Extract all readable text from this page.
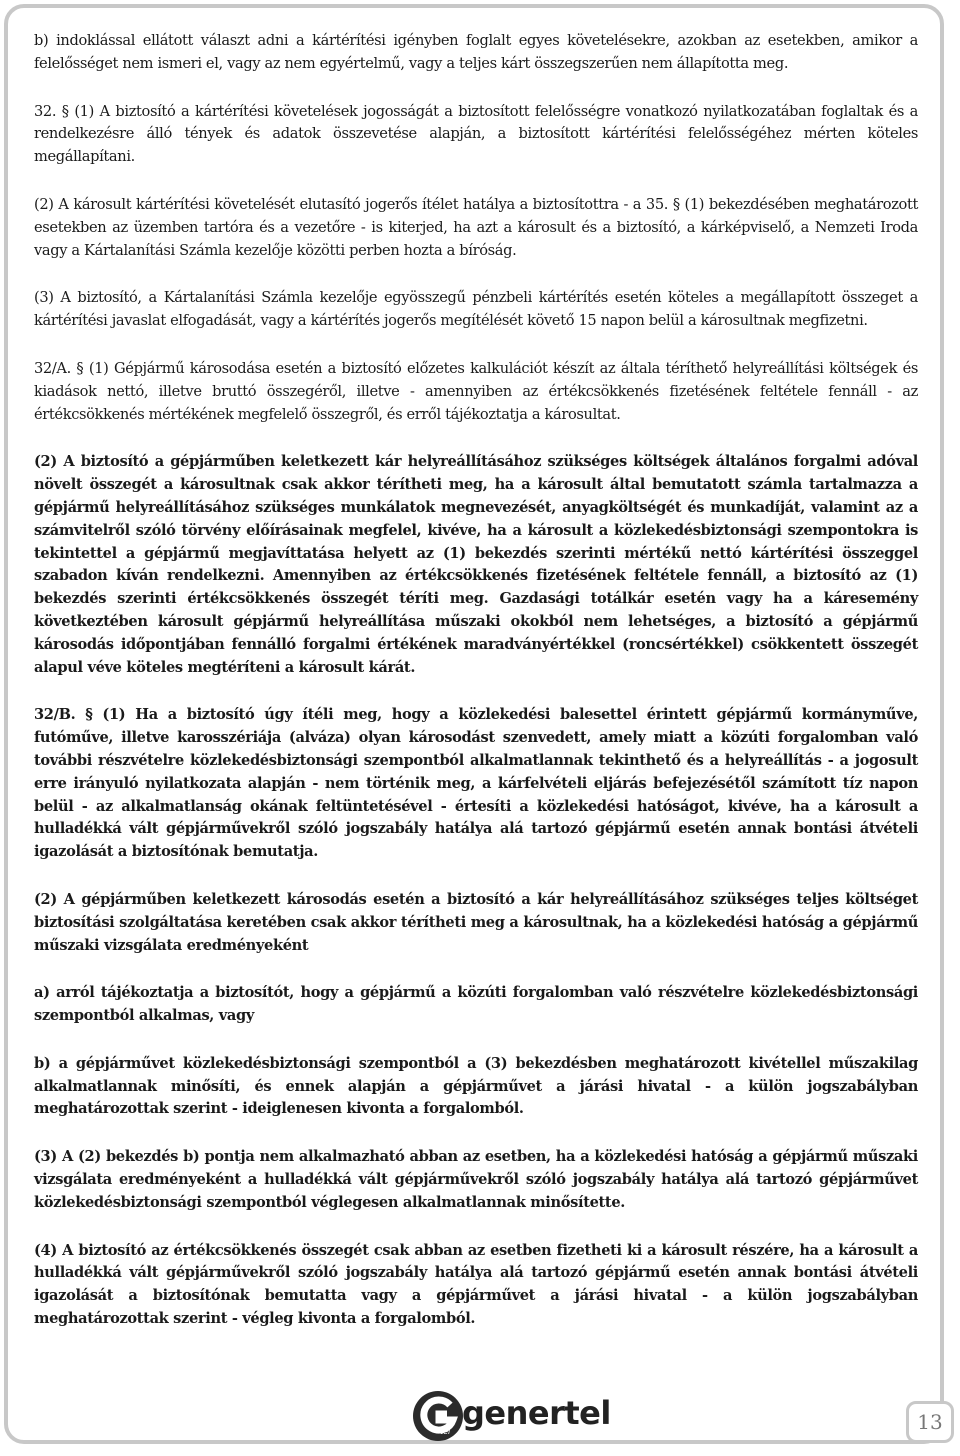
b) indoklással ellátott választ adni a kártérítési igényben foglalt egyes követelésekre, azokban az esetekben, amikor a felelősséget nem ismeri el, vagy az nem egyértelmű, vagy a teljes kárt összegszerűen nem állapította meg.

32. § (1) A biztosító a kártérítési követelések jogosságát a biztosított felelősségre vonatkozó nyilatkozatában foglaltak és a rendelkezésre álló tények és adatok összevetése alapján, a biztosított kártérítési felelősségéhez mérten köteles megállapítani.

(2) A károsult kártérítési követelését elutasító jogerős ítélet hatálya a biztosítottra - a 35. § (1) bekezdésében meghatározott esetekben az üzemben tartóra és a vezetőre - is kiterjed, ha azt a károsult és a biztosító, a kárképviselő, a Nemzeti Iroda vagy a Kártalanítási Számla kezelője közötti perben hozta a bíróság.

(3) A biztosító, a Kártalanítási Számla kezelője egyösszegű pénzbeli kártérítés esetén köteles a megállapított összeget a kártérítési javaslat elfogadását, vagy a kártérítés jogerős megítélését követő 15 napon belül a károsultnak megfizetni.

32/A. § (1) Gépjármű károsodása esetén a biztosító előzetes kalkulációt készít az általa téríthető helyreállítási költségek és kiadások nettó, illetve bruttó összegéről, illetve - amennyiben az értékcsökkenés fizetésének feltétele fennáll - az értékcsökkenés mértékének megfelelő összegről, és erről tájékoztatja a károsultat.

(2) A biztosító a gépjárműben keletkezett kár helyreállításához szükséges költségek általános forgalmi adóval növelt összegét a károsultnak csak akkor térítheti meg, ha a károsult által bemutatott számla tartalmazza a gépjármű helyreállításához szükséges munkálatok megnevezését, anyagköltségét és munkadíját, valamint az a számvitelről szóló törvény előírásainak megfelel, kivéve, ha a károsult a közlekedésbiztonsági szempontokra is tekintettel a gépjármű megjavíttatása helyett az (1) bekezdés szerinti mértékű nettó kártérítési összeggel szabadon kíván rendelkezni. Amennyiben az értékcsökkenés fizetésének feltétele fennáll, a biztosító az (1) bekezdés szerinti értékcsökkenés összegét téríti meg. Gazdasági totálkár esetén vagy ha a káresemény következtében károsult gépjármű helyreállítása műszaki okokból nem lehetséges, a biztosító a gépjármű károsodás időpontjában fennálló forgalmi értékének maradványértékkel (roncsértékkel) csökkentett összegét alapul véve köteles megtéríteni a károsult kárát.

32/B. § (1) Ha a biztosító úgy ítéli meg, hogy a közlekedési balesettel érintett gépjármű kormányműve, futóműve, illetve karosszériája (alváza) olyan károsodást szenvedett, amely miatt a közúti forgalomban való további részvételre közlekedésbiztonsági szempontból alkalmatlannak tekinthető és a helyreállítás - a jogosult erre irányuló nyilatkozata alapján - nem történik meg, a kárfelvételi eljárás befejezésétől számított tíz napon belül - az alkalmatlanság okának feltüntetésével - értesíti a közlekedési hatóságot, kivéve, ha a károsult a hulladékká vált gépjárművekről szóló jogszabály hatálya alá tartozó gépjármű esetén annak bontási átvételi igazolását a biztosítónak bemutatja.

(2) A gépjárműben keletkezett károsodás esetén a biztosító a kár helyreállításához szükséges teljes költséget biztosítási szolgáltatása keretében csak akkor térítheti meg a károsultnak, ha a közlekedési hatóság a gépjármű műszaki vizsgálata eredményeként

a) arról tájékoztatja a biztosítót, hogy a gépjármű a közúti forgalomban való részvételre közlekedésbiztonsági szempontból alkalmas, vagy

b) a gépjárművet közlekedésbiztonsági szempontból a (3) bekezdésben meghatározott kivétellel műszakilag alkalmatlannak minősíti, és ennek alapján a gépjárművet a járási hivatal - a külön jogszabályban meghatározottak szerint - ideiglenesen kivonta a forgalomból.

(3) A (2) bekezdés b) pontja nem alkalmazható abban az esetben, ha a közlekedési hatóság a gépjármű műszaki vizsgálata eredményeként a hulladékká vált gépjárművekről szóló jogszabály hatálya alá tartozó gépjárművet közlekedésbiztonsági szempontból véglegesen alkalmatlannak minősítette.

(4) A biztosító az értékcsökkenés összegét csak abban az esetben fizetheti ki a károsult részére, ha a károsult a hulladékká vált gépjárművekről szóló jogszabály hatálya alá tartozó gépjármű esetén annak bontási átvételi igazolását a biztosítónak bemutatta vagy a gépjárművet a járási hivatal - a külön jogszabályban meghatározottak szerint - végleg kivonta a forgalomból.

tel genertel	13
